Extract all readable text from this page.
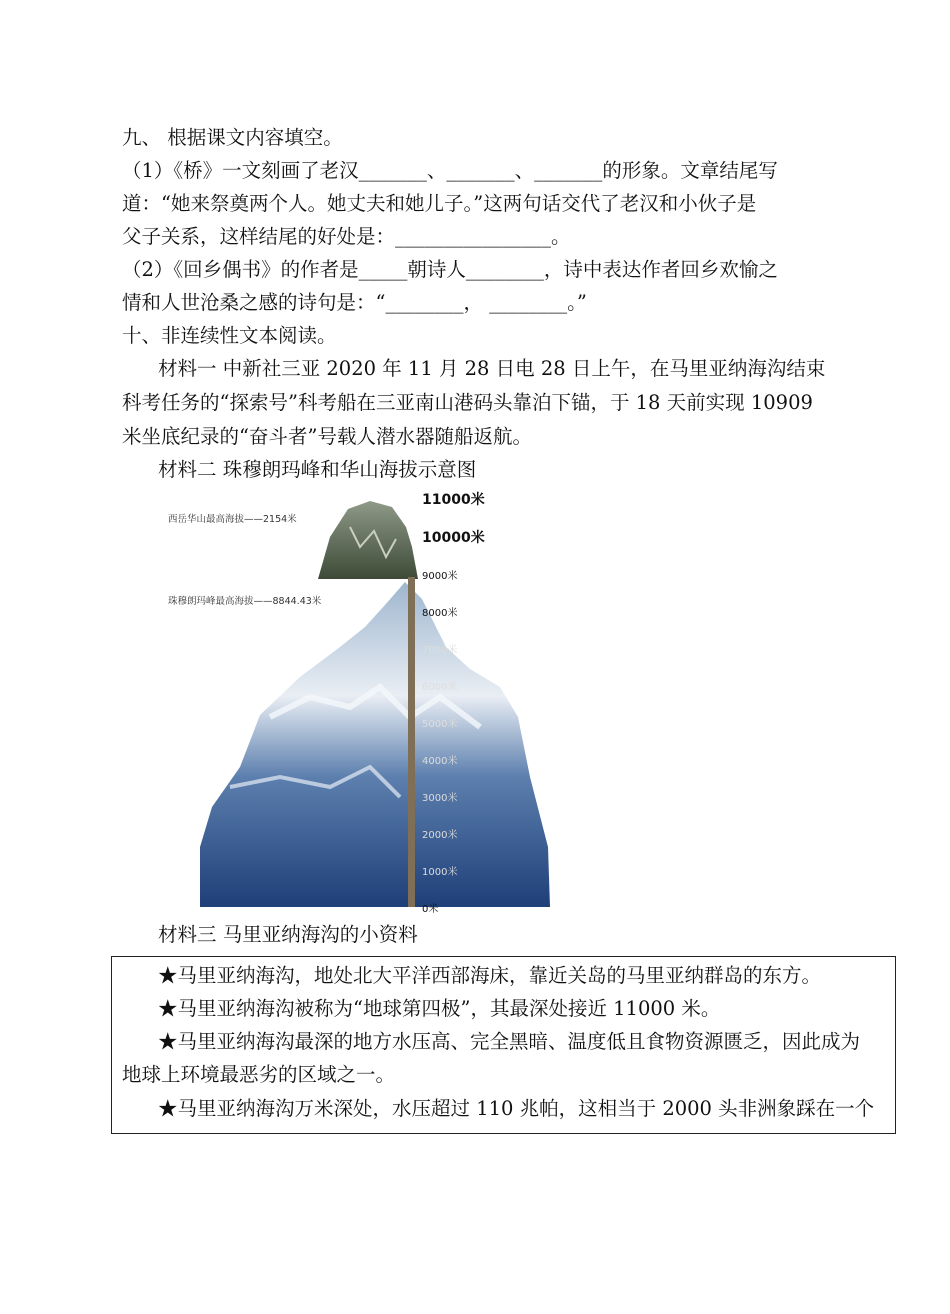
九、 根据课文内容填空。
（1）《桥》一文刻画了老汉_______、_______、_______的形象。文章结尾写
道：“她来祭奠两个人。她丈夫和她儿子。”这两句话交代了老汉和小伙子是
父子关系，这样结尾的好处是：________________。
（2）《回乡偶书》的作者是_____朝诗人________，诗中表达作者回乡欢愉之
情和人世沧桑之感的诗句是：“________， ________。”
十、非连续性文本阅读。
材料一 中新社三亚 2020 年 11 月 28 日电 28 日上午，在马里亚纳海沟结束
科考任务的“探索号”科考船在三亚南山港码头靠泊下锚，于 18 天前实现 10909
米坐底纪录的“奋斗者”号载人潜水器随船返航。
材料二 珠穆朗玛峰和华山海拔示意图
西岳华山最高海拔——2154米
珠穆朗玛峰最高海拔——8844.43米
11000米
10000米
9000米
8000米
7000米
6000米
5000米
4000米
3000米
2000米
1000米
0米
材料三 马里亚纳海沟的小资料
★马里亚纳海沟，地处北大平洋西部海床，靠近关岛的马里亚纳群岛的东方。
★马里亚纳海沟被称为“地球第四极”，其最深处接近 11000 米。
★马里亚纳海沟最深的地方水压高、完全黑暗、温度低且食物资源匮乏，因此成为
地球上环境最恶劣的区域之一。
★马里亚纳海沟万米深处，水压超过 110 兆帕，这相当于 2000 头非洲象踩在一个
